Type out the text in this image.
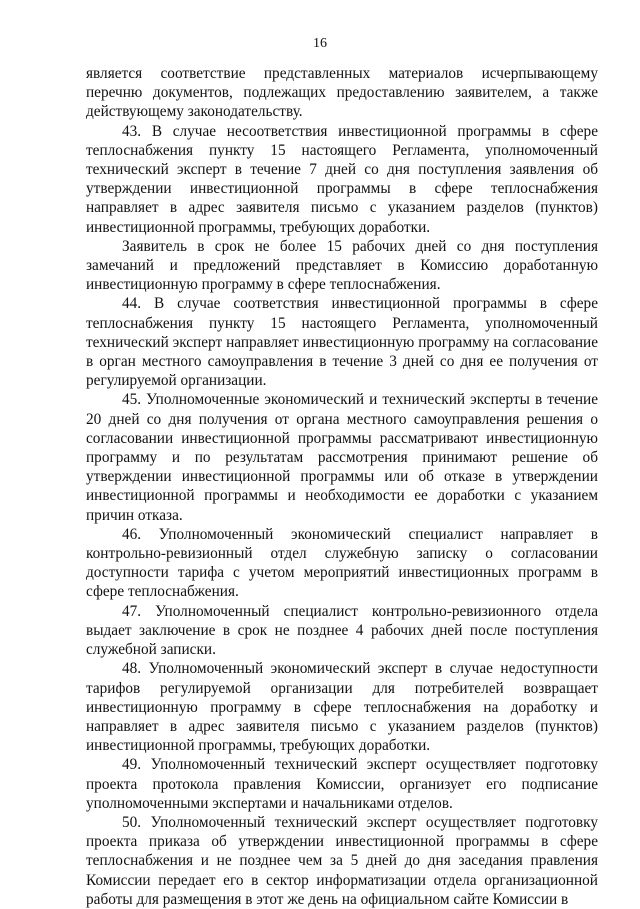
16

является соответствие представленных материалов исчерпывающему перечню документов, подлежащих предоставлению заявителем, а также действующему законодательству.

43. В случае несоответствия инвестиционной программы в сфере теплоснабжения пункту 15 настоящего Регламента, уполномоченный технический эксперт в течение 7 дней со дня поступления заявления об утверждении инвестиционной программы в сфере теплоснабжения направляет в адрес заявителя письмо с указанием разделов (пунктов) инвестиционной программы, требующих доработки.

Заявитель в срок не более 15 рабочих дней со дня поступления замечаний и предложений представляет в Комиссию доработанную инвестиционную программу в сфере теплоснабжения.

44. В случае соответствия инвестиционной программы в сфере теплоснабжения пункту 15 настоящего Регламента, уполномоченный технический эксперт направляет инвестиционную программу на согласование в орган местного самоуправления в течение 3 дней со дня ее получения от регулируемой организации.

45. Уполномоченные экономический и технический эксперты в течение 20 дней со дня получения от органа местного самоуправления решения о согласовании инвестиционной программы рассматривают инвестиционную программу и по результатам рассмотрения принимают решение об утверждении инвестиционной программы или об отказе в утверждении инвестиционной программы и необходимости ее доработки с указанием причин отказа.

46. Уполномоченный экономический специалист направляет в контрольно-ревизионный отдел служебную записку о согласовании доступности тарифа с учетом мероприятий инвестиционных программ в сфере теплоснабжения.

47. Уполномоченный специалист контрольно-ревизионного отдела выдает заключение в срок не позднее 4 рабочих дней после поступления служебной записки.

48. Уполномоченный экономический эксперт в случае недоступности тарифов регулируемой организации для потребителей возвращает инвестиционную программу в сфере теплоснабжения на доработку и направляет в адрес заявителя письмо с указанием разделов (пунктов) инвестиционной программы, требующих доработки.

49. Уполномоченный технический эксперт осуществляет подготовку проекта протокола правления Комиссии, организует его подписание уполномоченными экспертами и начальниками отделов.

50. Уполномоченный технический эксперт осуществляет подготовку проекта приказа об утверждении инвестиционной программы в сфере теплоснабжения и не позднее чем за 5 дней до дня заседания правления Комиссии передает его в сектор информатизации отдела организационной работы для размещения в этот же день на официальном сайте Комиссии в
